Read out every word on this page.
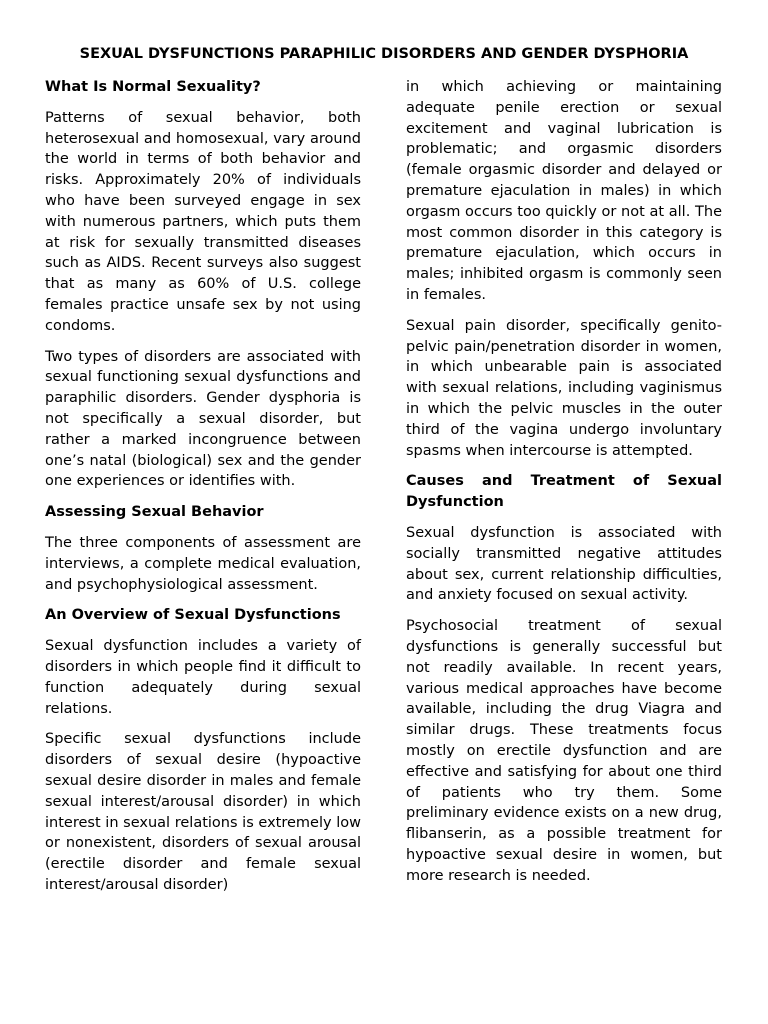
SEXUAL DYSFUNCTIONS PARAPHILIC DISORDERS AND GENDER DYSPHORIA
What Is Normal Sexuality?

Patterns of sexual behavior, both heterosexual and homosexual, vary around the world in terms of both behavior and risks. Approximately 20% of individuals who have been surveyed engage in sex with numerous partners, which puts them at risk for sexually transmitted diseases such as AIDS. Recent surveys also suggest that as many as 60% of U.S. college females practice unsafe sex by not using condoms.

Two types of disorders are associated with sexual functioning sexual dysfunctions and paraphilic disorders. Gender dysphoria is not specifically a sexual disorder, but rather a marked incongruence between one’s natal (biological) sex and the gender one experiences or identifies with.

Assessing Sexual Behavior

The three components of assessment are interviews, a complete medical evaluation, and psychophysiological assessment.

An Overview of Sexual Dysfunctions

Sexual dysfunction includes a variety of disorders in which people find it difficult to function adequately during sexual relations.

Specific sexual dysfunctions include disorders of sexual desire (hypoactive sexual desire disorder in males and female sexual interest/arousal disorder) in which interest in sexual relations is extremely low or nonexistent, disorders of sexual arousal (erectile disorder and female sexual interest/arousal disorder)

in which achieving or maintaining adequate penile erection or sexual excitement and vaginal lubrication is problematic; and orgasmic disorders (female orgasmic disorder and delayed or premature ejaculation in males) in which orgasm occurs too quickly or not at all. The most common disorder in this category is premature ejaculation, which occurs in males; inhibited orgasm is commonly seen in females.

Sexual pain disorder, specifically genito-pelvic pain/penetration disorder in women, in which unbearable pain is associated with sexual relations, including vaginismus in which the pelvic muscles in the outer third of the vagina undergo involuntary spasms when intercourse is attempted.

Causes and Treatment of Sexual Dysfunction

Sexual dysfunction is associated with socially transmitted negative attitudes about sex, current relationship difficulties, and anxiety focused on sexual activity.

Psychosocial treatment of sexual dysfunctions is generally successful but not readily available. In recent years, various medical approaches have become available, including the drug Viagra and similar drugs. These treatments focus mostly on erectile dysfunction and are effective and satisfying for about one third of patients who try them. Some preliminary evidence exists on a new drug, flibanserin, as a possible treatment for hypoactive sexual desire in women, but more research is needed.
